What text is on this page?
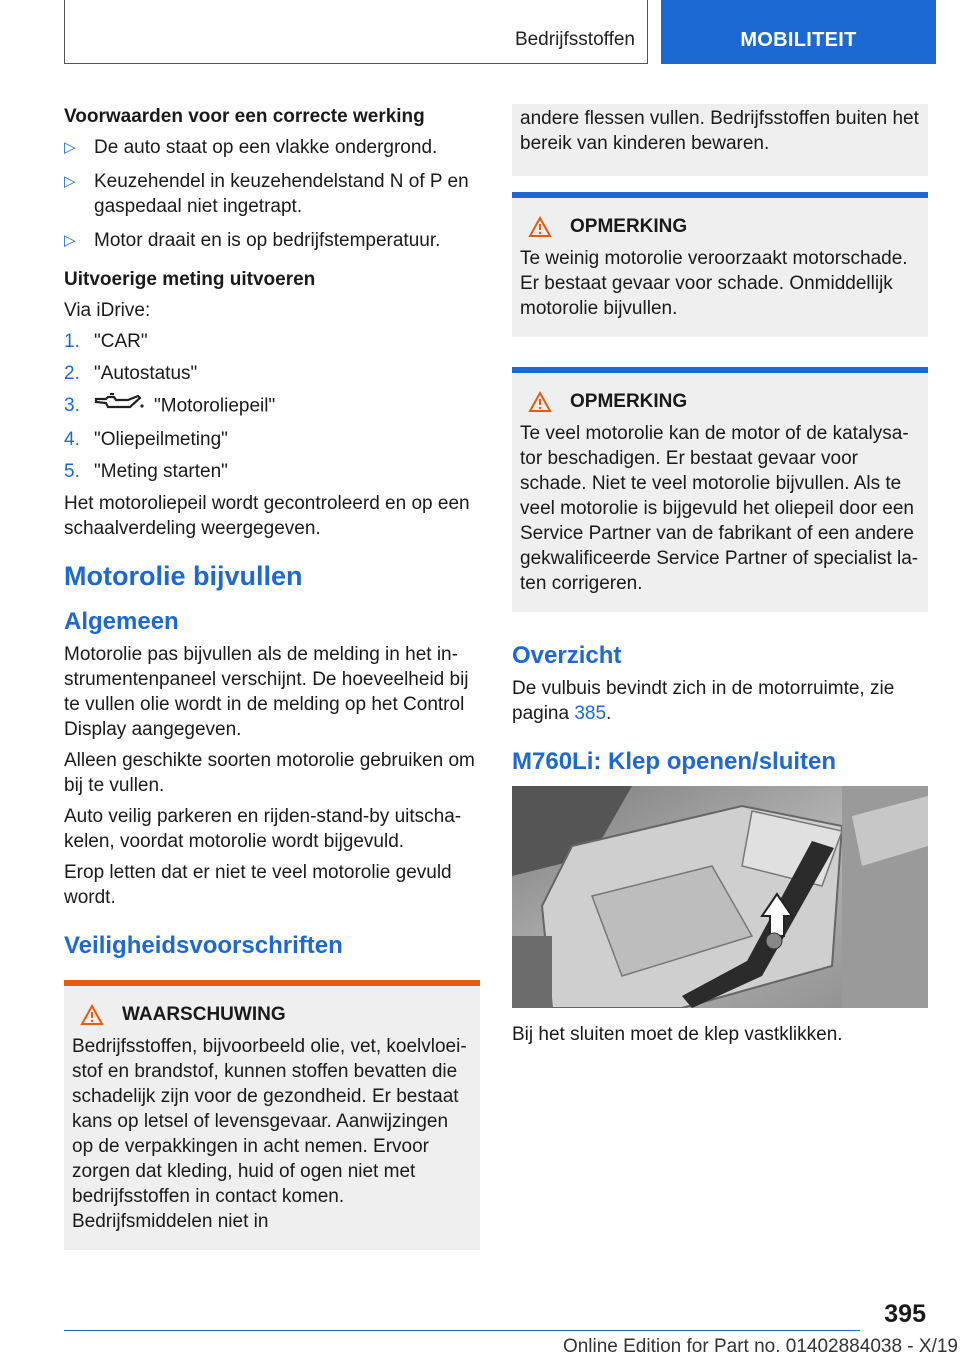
Bedrijfsstoffen	MOBILITEIT

Voorwaarden voor een correcte werking

▷ De auto staat op een vlakke ondergrond.
▷ Keuzehendel in keuzehendelstand N of P en gaspedaal niet ingetrapt.
▷ Motor draait en is op bedrijfstemperatuur.

Uitvoerige meting uitvoeren

Via iDrive:

1. "CAR"
2. "Autostatus"
3.	"Motoroliepeil"
4. "Oliepeilmeting"
5. "Meting starten"

Het motoroliepeil wordt gecontroleerd en op een schaalverdeling weergegeven.

Motorolie bijvullen
Algemeen

Motorolie pas bijvullen als de melding in het instrumentenpaneel verschijnt. De hoeveelheid bij te vullen olie wordt in de melding op het Control Display aangegeven.

Alleen geschikte soorten motorolie gebruiken om bij te vullen.

Auto veilig parkeren en rijden-stand-by uitschakelen, voordat motorolie wordt bijgevuld.

Erop letten dat er niet te veel motorolie gevuld wordt.

Veiligheidsvoorschriften
WAARSCHUWING
Bedrijfsstoffen, bijvoorbeeld olie, vet, koelvloeistof en brandstof, kunnen stoffen bevatten die schadelijk zijn voor de gezondheid. Er bestaat kans op letsel of levensgevaar. Aanwijzingen op de verpakkingen in acht nemen. Ervoor zorgen dat kleding, huid of ogen niet met bedrijfsstoffen in contact komen. Bedrijfsmiddelen niet in
andere flessen vullen. Bedrijfsstoffen buiten het bereik van kinderen bewaren.
OPMERKING
Te weinig motorolie veroorzaakt motorschade. Er bestaat gevaar voor schade. Onmiddellijk motorolie bijvullen.
OPMERKING
Te veel motorolie kan de motor of de katalysator beschadigen. Er bestaat gevaar voor schade. Niet te veel motorolie bijvullen. Als te veel motorolie is bijgevuld het oliepeil door een Service Partner van de fabrikant of een andere gekwalificeerde Service Partner of specialist laten corrigeren.
Overzicht

De vulbuis bevindt zich in de motorruimte, zie pagina 385.

M760Li: Klep openen/sluiten

Bij het sluiten moet de klep vastklikken.

395
Online Edition for Part no. 01402884038 - X/19
